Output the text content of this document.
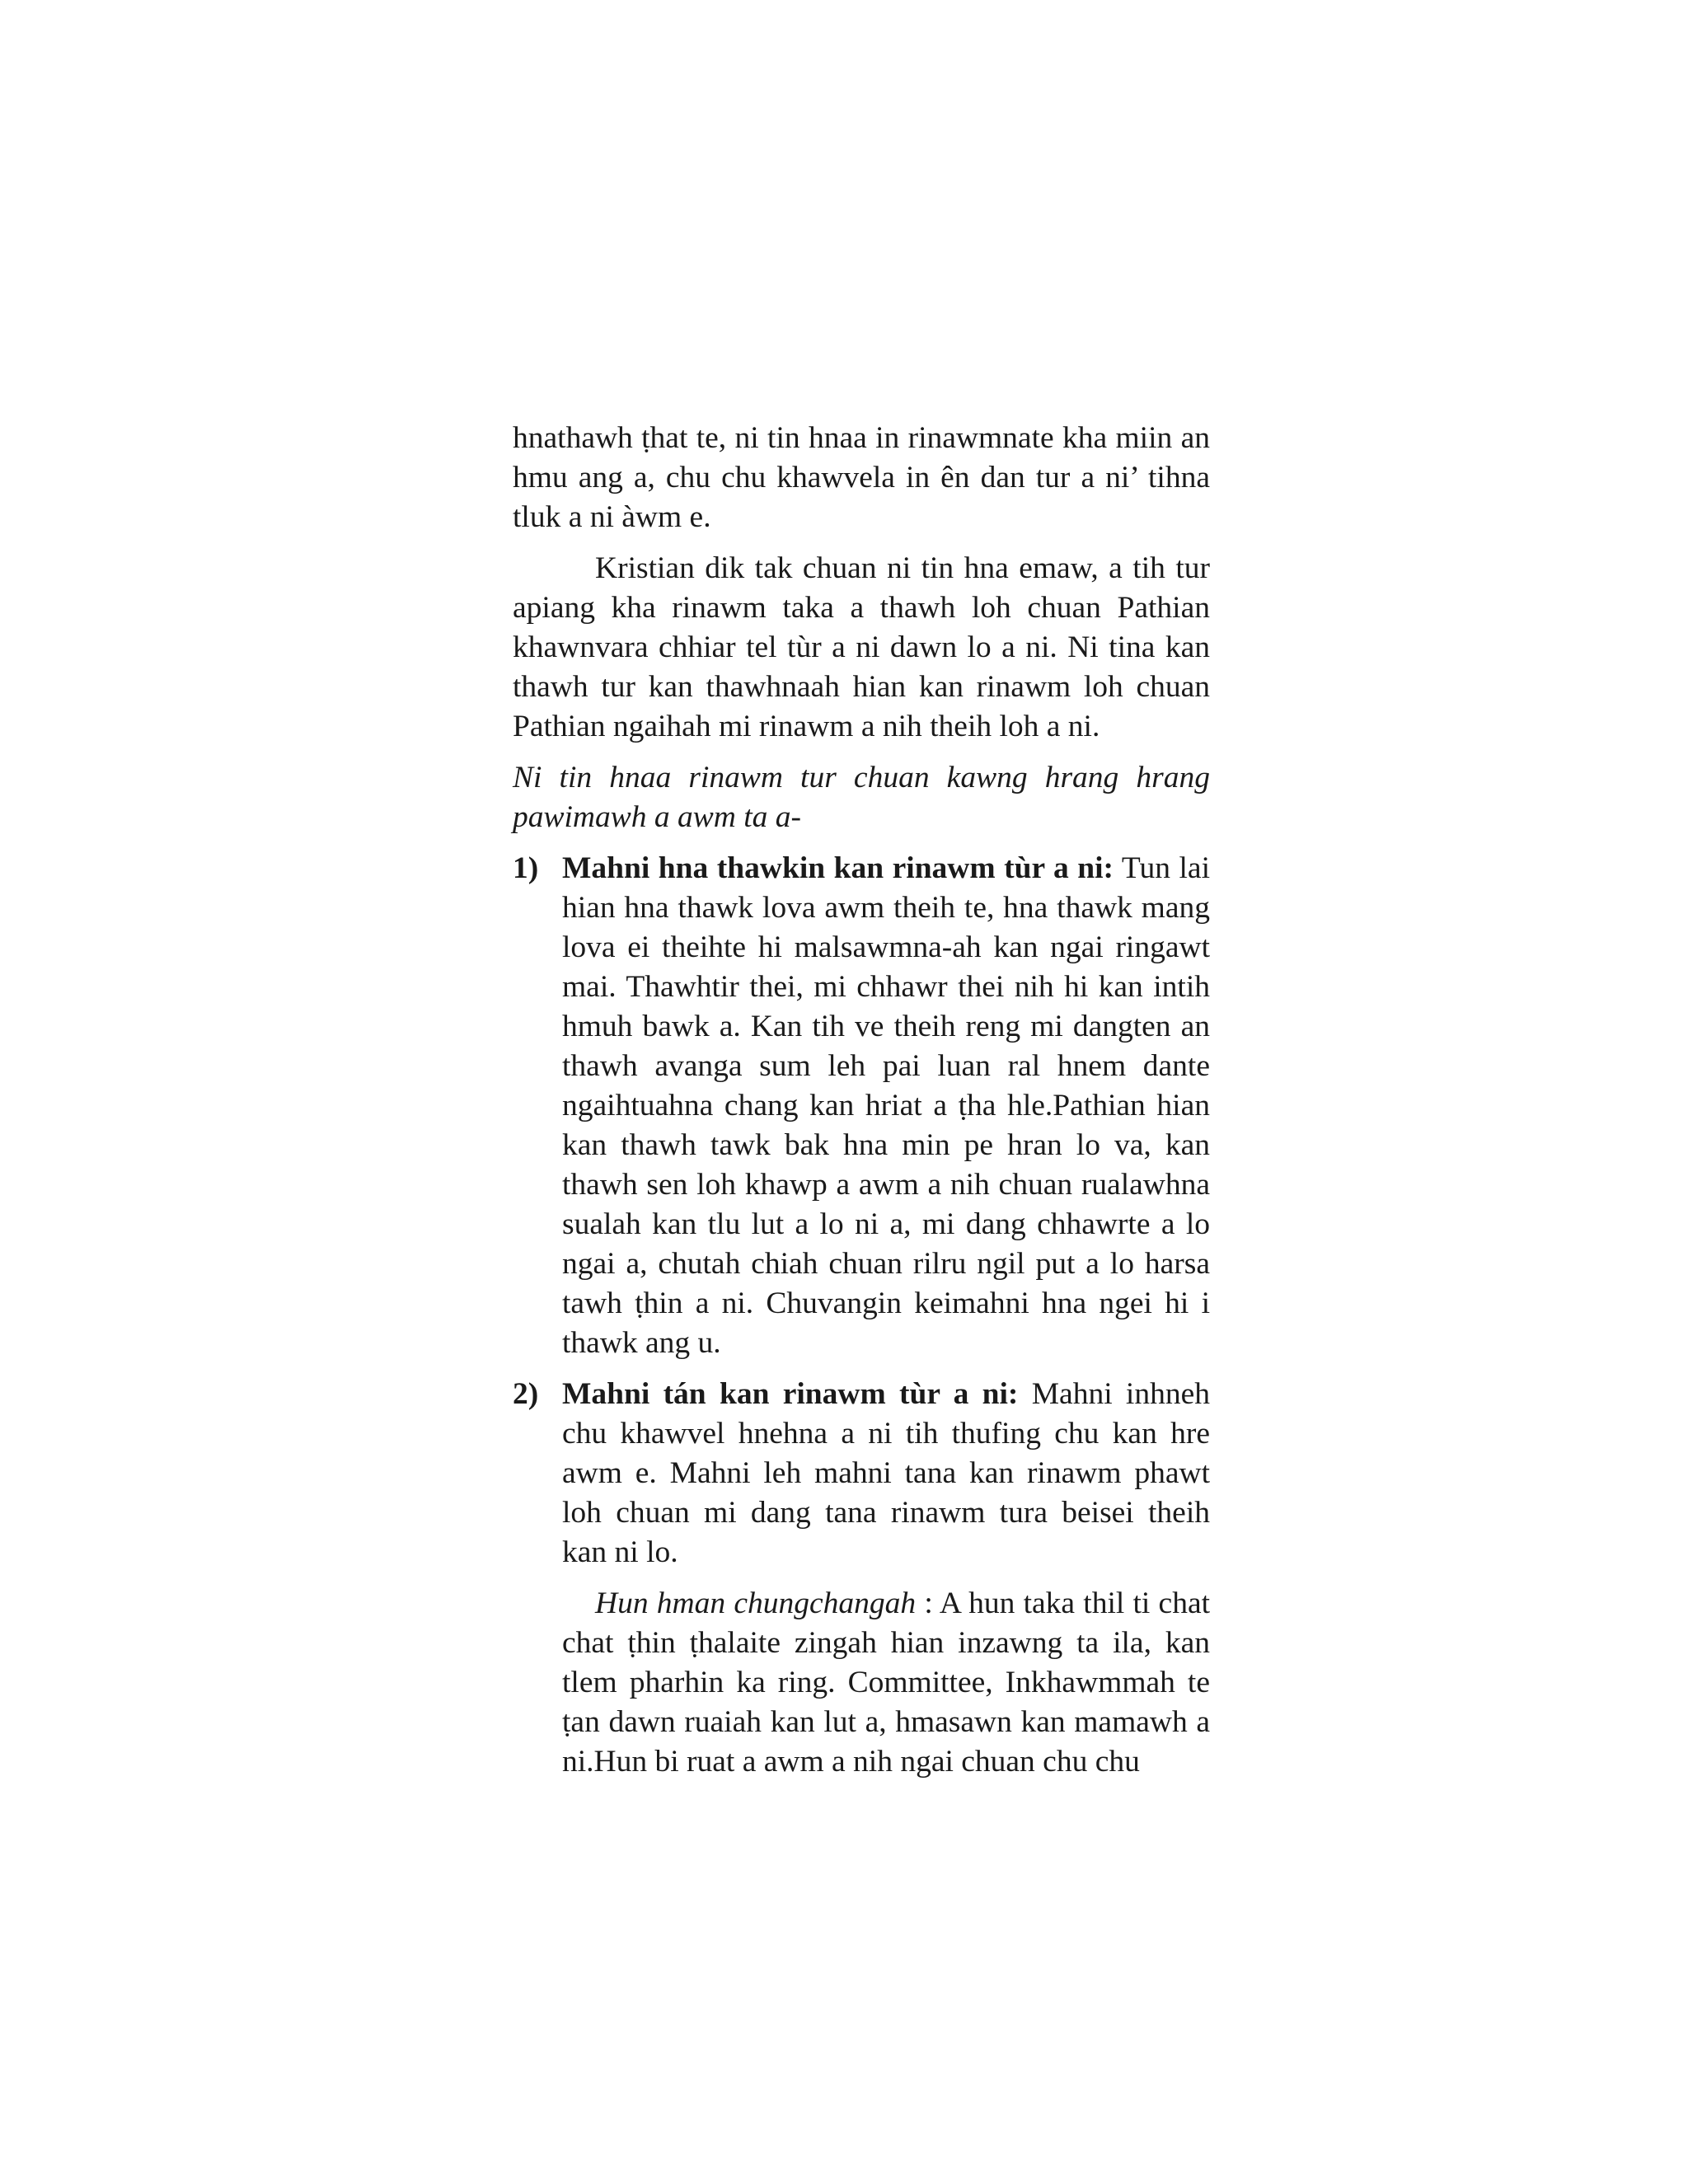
hnathawh ṭhat te, ni tin hnaa in rinawmnate kha miin an hmu ang a, chu chu khawvela in ên dan tur a ni’ tihna tluk a ni àwm e.

Kristian dik tak chuan ni tin hna emaw, a tih tur apiang kha rinawm taka a thawh loh chuan Pathian khawnvara chhiar tel tùr a ni dawn lo a ni. Ni tina kan thawh tur kan thawhnaah hian kan rinawm loh chuan Pathian ngaihah mi rinawm a nih theih loh a ni.

Ni tin hnaa rinawm tur chuan kawng hrang hrang pawimawh a awm ta a-

1) Mahni hna thawkin kan rinawm tùr a ni: Tun lai hian hna thawk lova awm theih te, hna thawk mang lova ei theihte hi malsawmna-ah kan ngai ringawt mai. Thawhtir thei, mi chhawr thei nih hi kan intih hmuh bawk a. Kan tih ve theih reng mi dangten an thawh avanga sum leh pai luan ral hnem dante ngaihtuahna chang kan hriat a ṭha hle.Pathian hian kan thawh tawk bak hna min pe hran lo va, kan thawh sen loh khawp a awm a nih chuan rualawhna sualah kan tlu lut a lo ni a, mi dang chhawrte a lo ngai a, chutah chiah chuan rilru ngil put a lo harsa tawh ṭhin a ni. Chuvangin keimahni hna ngei hi i thawk ang u.
2) Mahni tán kan rinawm tùr a ni: Mahni inhneh chu khawvel hnehna a ni tih thufing chu kan hre awm e. Mahni leh mahni tana kan rinawm phawt loh chuan mi dang tana rinawm tura beisei theih kan ni lo.

Hun hman chungchangah : A hun taka thil ti chat chat ṭhin ṭhalaite zingah hian inzawng ta ila, kan tlem pharhin ka ring. Committee, Inkhawmmah te ṭan dawn ruaiah kan lut a, hmasawn kan mamawh a ni.Hun bi ruat a awm a nih ngai chuan chu chu
